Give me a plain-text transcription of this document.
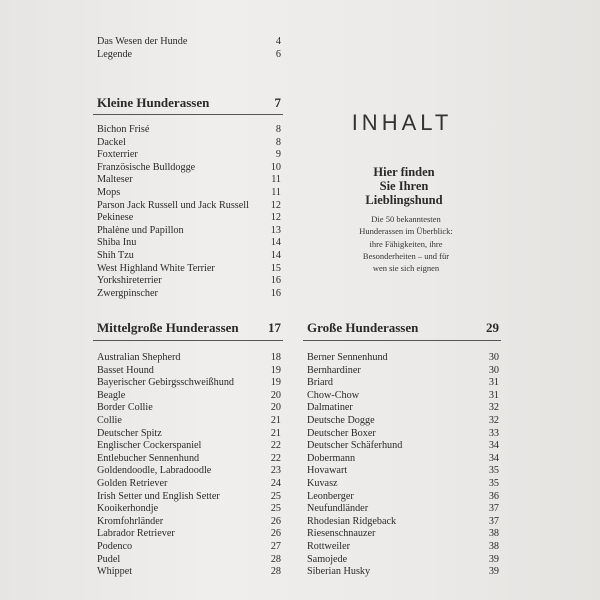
Das Wesen der Hunde	4
Legende	6
Kleine Hunderassen	7
Bichon Frisé	8
Dackel	8
Foxterrier	9
Französische Bulldogge	10
Malteser	11
Mops	11
Parson Jack Russell und Jack Russell	12
Pekinese	12
Phalène und Papillon	13
Shiba Inu	14
Shih Tzu	14
West Highland White Terrier	15
Yorkshireterrier	16
Zwergpinscher	16
Mittelgroße Hunderassen 17
Australian Shepherd	18
Basset Hound	19
Bayerischer Gebirgsschweißhund	19
Beagle	20
Border Collie	20
Collie	21
Deutscher Spitz	21
Englischer Cockerspaniel	22
Entlebucher Sennenhund	22
Goldendoodle, Labradoodle	23
Golden Retriever	24
Irish Setter und English Setter	25
Kooikerhondje	25
Kromfohrländer	26
Labrador Retriever	26
Podenco	27
Pudel	28
Whippet	28
Große Hunderassen	29
Berner Sennenhund	30
Bernhardiner	30
Briard	31
Chow-Chow	31
Dalmatiner	32
Deutsche Dogge	32
Deutscher Boxer	33
Deutscher Schäferhund	34
Dobermann	34
Hovawart	35
Kuvasz	35
Leonberger	36
Neufundländer	37
Rhodesian Ridgeback	37
Riesenschnauzer	38
Rottweiler	38
Samojede	39
Siberian Husky	39
INHALT
Hier finden
Sie Ihren
Lieblingshund
Die 50 bekanntesten
Hunderassen im Überblick:
ihre Fähigkeiten, ihre
Besonderheiten – und für
wen sie sich eignen
